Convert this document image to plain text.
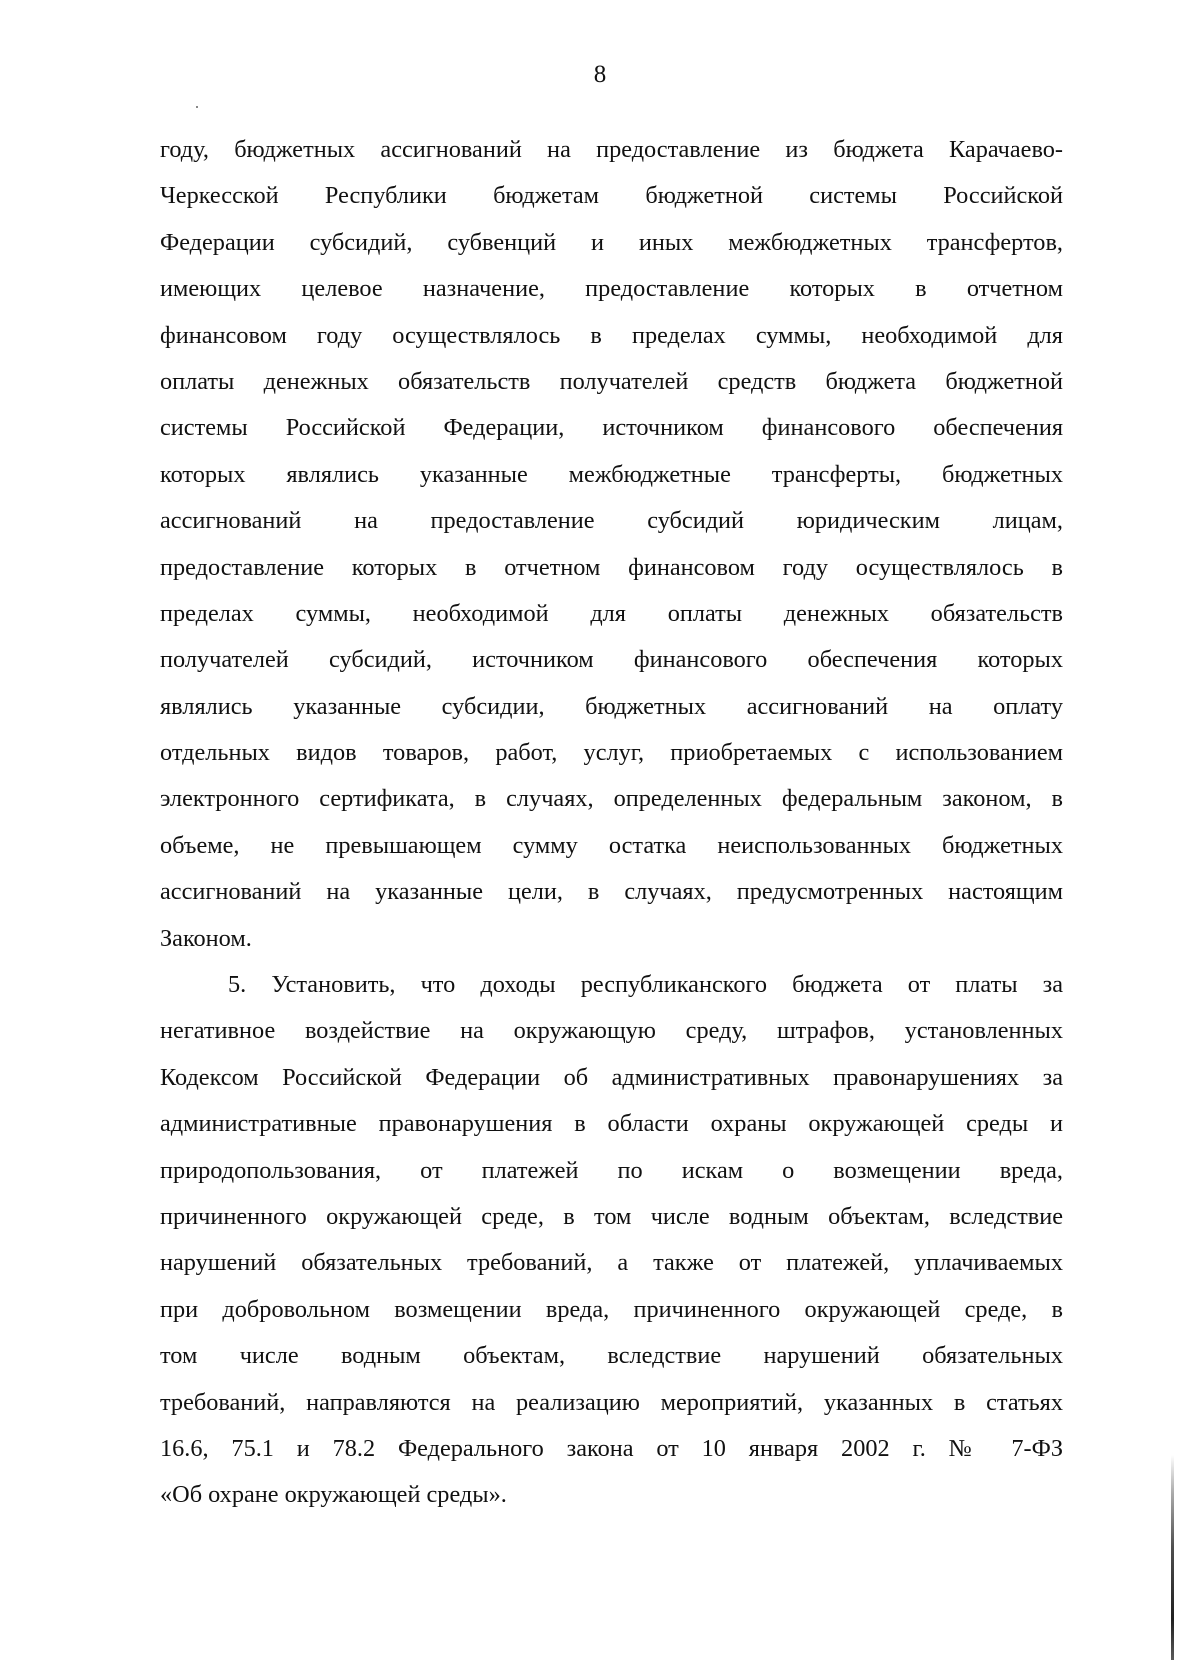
8
году, бюджетных ассигнований на предоставление из бюджета Карачаево-
Черкесской Республики бюджетам бюджетной системы Российской
Федерации субсидий, субвенций и иных межбюджетных трансфертов,
имеющих целевое назначение, предоставление которых в отчетном
финансовом году осуществлялось в пределах суммы, необходимой для
оплаты денежных обязательств получателей средств бюджета бюджетной
системы Российской Федерации, источником финансового обеспечения
которых являлись указанные межбюджетные трансферты, бюджетных
ассигнований на предоставление субсидий юридическим лицам,
предоставление которых в отчетном финансовом году осуществлялось в
пределах суммы, необходимой для оплаты денежных обязательств
получателей субсидий, источником финансового обеспечения которых
являлись указанные субсидии, бюджетных ассигнований на оплату
отдельных видов товаров, работ, услуг, приобретаемых с использованием
электронного сертификата, в случаях, определенных федеральным законом, в
объеме, не превышающем сумму остатка неиспользованных бюджетных
ассигнований на указанные цели, в случаях, предусмотренных настоящим
Законом.
5. Установить, что доходы республиканского бюджета от платы за
негативное воздействие на окружающую среду, штрафов, установленных
Кодексом Российской Федерации об административных правонарушениях за
административные правонарушения в области охраны окружающей среды и
природопользования, от платежей по искам о возмещении вреда,
причиненного окружающей среде, в том числе водным объектам, вследствие
нарушений обязательных требований, а также от платежей, уплачиваемых
при добровольном возмещении вреда, причиненного окружающей среде, в
том числе водным объектам, вследствие нарушений обязательных
требований, направляются на реализацию мероприятий, указанных в статьях
16.6, 75.1 и 78.2 Федерального закона от 10 января 2002 г. № 7-ФЗ
«Об охране окружающей среды».
